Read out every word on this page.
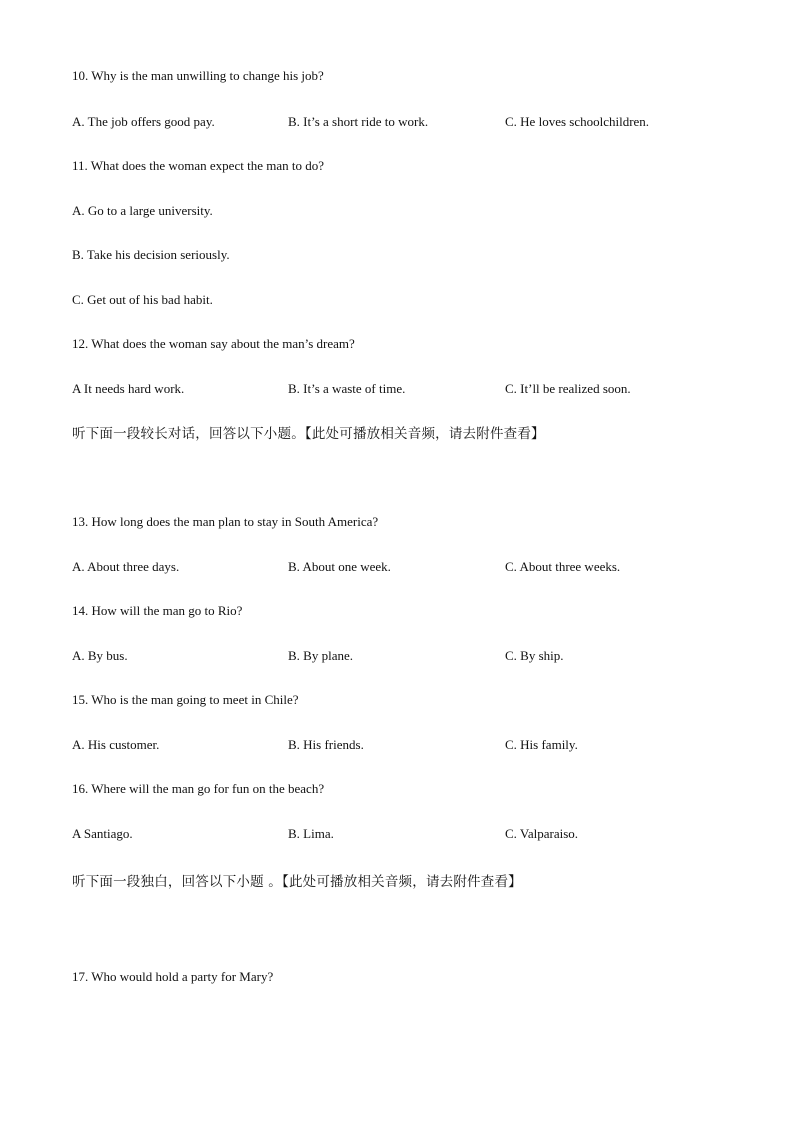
10. Why is the man unwilling to change his job?
A. The job offers good pay.	B. It’s a short ride to work.	C. He loves schoolchildren.
11. What does the woman expect the man to do?
A. Go to a large university.
B. Take his decision seriously.
C. Get out of his bad habit.
12. What does the woman say about the man’s dream?
A It needs hard work.	B. It’s a waste of time.	C. It’ll be realized soon.
听下面一段较长对话，回答以下小题。【此处可播放相关音频，请去附件查看】
13. How long does the man plan to stay in South America?
A. About three days.	B. About one week.	C. About three weeks.
14. How will the man go to Rio?
A. By bus.	B. By plane.	C. By ship.
15. Who is the man going to meet in Chile?
A. His customer.	B. His friends.	C. His family.
16. Where will the man go for fun on the beach?
A Santiago.	B. Lima.	C. Valparaiso.
听下面一段独白，回答以下小题 。【此处可播放相关音频，请去附件查看】
17. Who would hold a party for Mary?
